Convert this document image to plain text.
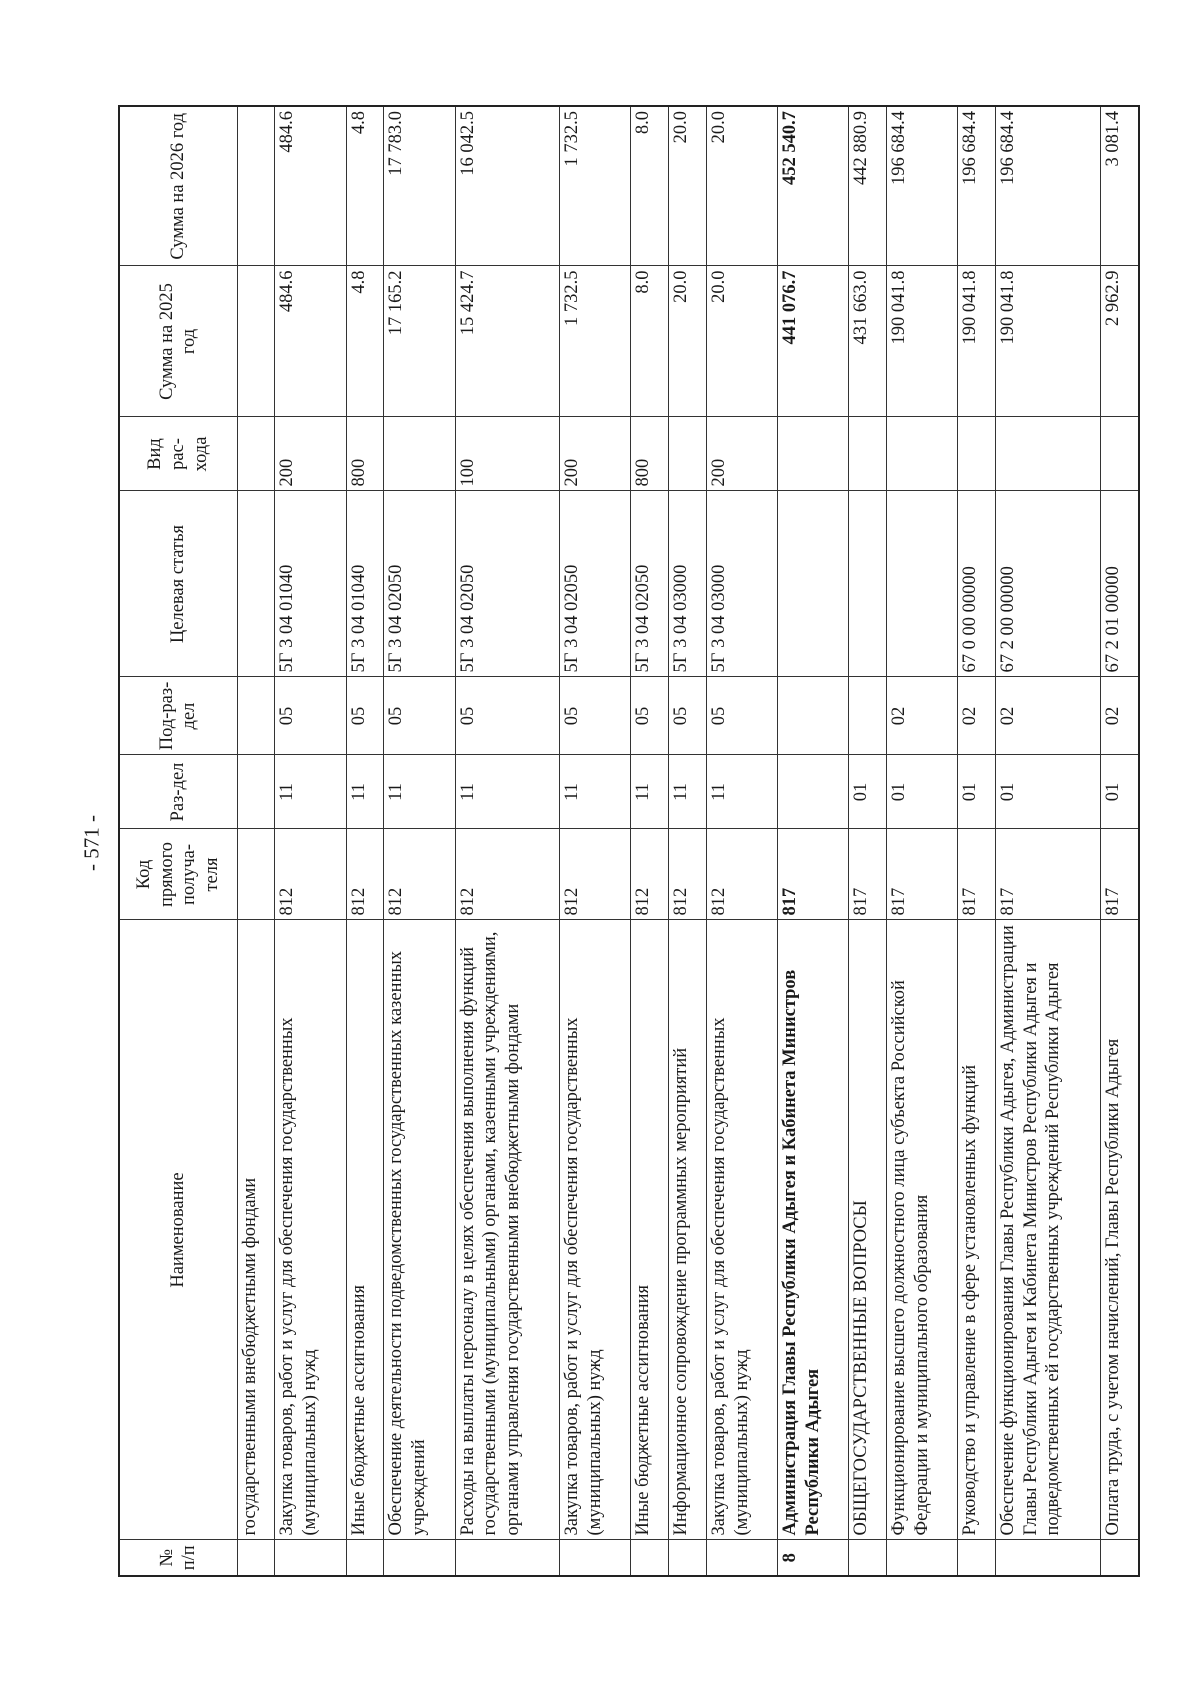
- 571 -
№ п/п	Наименование	Код прямого получа-теля	Раз-дел	Под-раз-дел	Целевая статья	Вид рас-хода	Сумма на 2025 год	Сумма на 2026 год
	государственными внебюджетными фондами							
	Закупка товаров, работ и услуг для обеспечения государственных (муниципальных) нужд	812	11	05	5Г 3 04 01040	200	484.6	484.6
	Иные бюджетные ассигнования	812	11	05	5Г 3 04 01040	800	4.8	4.8
	Обеспечение деятельности подведомственных государственных казенных учреждений	812	11	05	5Г 3 04 02050		17 165.2	17 783.0
	Расходы на выплаты персоналу в целях обеспечения выполнения функций государственными (муниципальными) органами, казенными учреждениями, органами управления государственными внебюджетными фондами	812	11	05	5Г 3 04 02050	100	15 424.7	16 042.5
	Закупка товаров, работ и услуг для обеспечения государственных (муниципальных) нужд	812	11	05	5Г 3 04 02050	200	1 732.5	1 732.5
	Иные бюджетные ассигнования	812	11	05	5Г 3 04 02050	800	8.0	8.0
	Информационное сопровождение программных мероприятий	812	11	05	5Г 3 04 03000		20.0	20.0
	Закупка товаров, работ и услуг для обеспечения государственных (муниципальных) нужд	812	11	05	5Г 3 04 03000	200	20.0	20.0
8	Администрация Главы Республики Адыгея и Кабинета Министров Республики Адыгея	817					441 076.7	452 540.7
	ОБЩЕГОСУДАРСТВЕННЫЕ ВОПРОСЫ	817	01				431 663.0	442 880.9
	Функционирование высшего должностного лица субъекта Российской Федерации и муниципального образования	817	01	02			190 041.8	196 684.4
	Руководство и управление в сфере установленных функций	817	01	02	67 0 00 00000		190 041.8	196 684.4
	Обеспечение функционирования Главы Республики Адыгея, Администрации Главы Республики Адыгея и Кабинета Министров Республики Адыгея и подведомственных ей государственных учреждений Республики Адыгея	817	01	02	67 2 00 00000		190 041.8	196 684.4
	Оплата труда, с учетом начислений, Главы Республики Адыгея	817	01	02	67 2 01 00000		2 962.9	3 081.4
